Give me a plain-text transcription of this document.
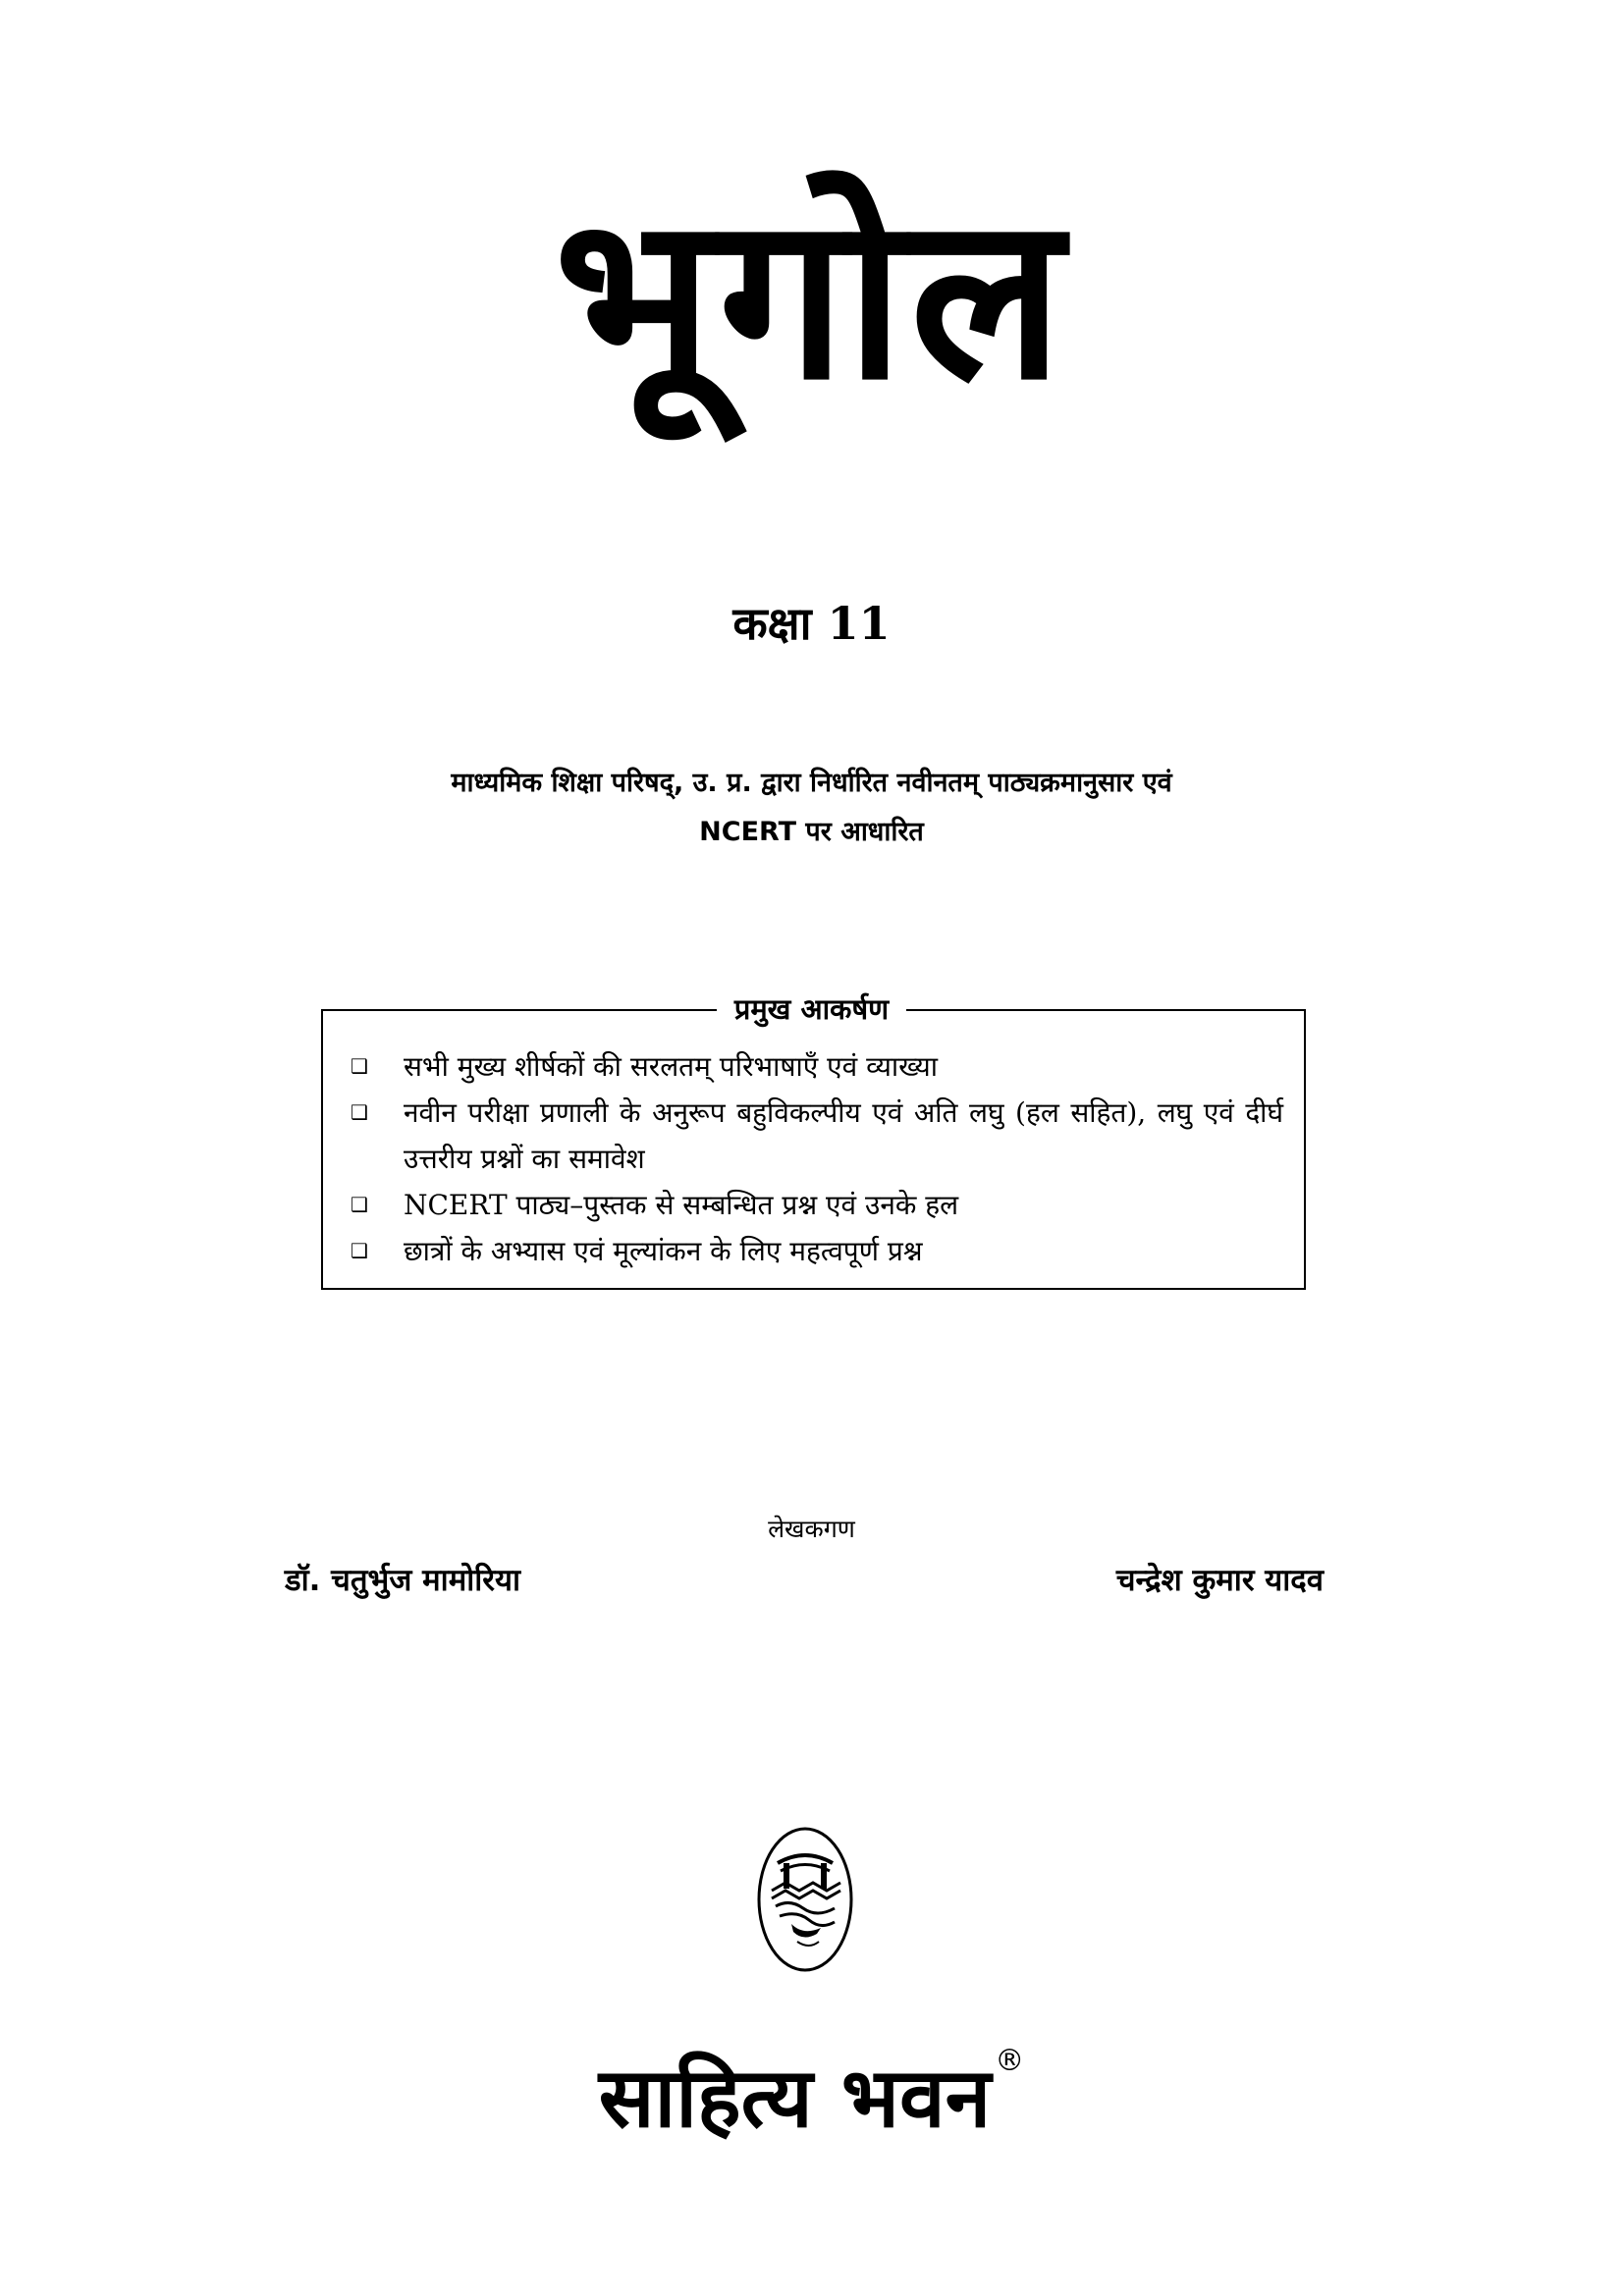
भूगोल
कक्षा 11
माध्यमिक शिक्षा परिषद्, उ. प्र. द्वारा निर्धारित नवीनतम् पाठ्यक्रमानुसार एवं
NCERT पर आधारित
प्रमुख आकर्षण
❑	सभी मुख्य शीर्षकों की सरलतम् परिभाषाएँ एवं व्याख्या
❑	नवीन परीक्षा प्रणाली के अनुरूप बहुविकल्पीय एवं अति लघु (हल सहित), लघु एवं दीर्घ उत्तरीय प्रश्नों का समावेश
❑	NCERT पाठ्य–पुस्तक से सम्बन्धित प्रश्न एवं उनके हल
❑	छात्रों के अभ्यास एवं मूल्यांकन के लिए महत्वपूर्ण प्रश्न
लेखकगण
डॉ. चतुर्भुज मामोरिया	चन्द्रेश कुमार यादव
साहित्य भवन ®
